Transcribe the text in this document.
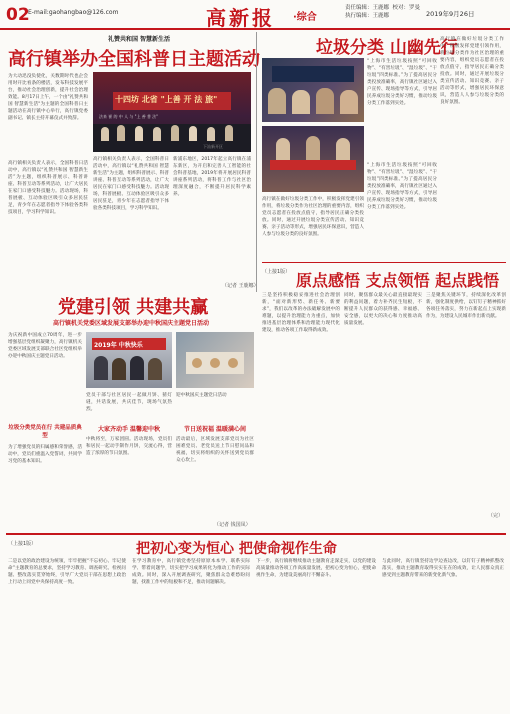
02
E-mail:gaohangbao@126.com	高新报 ·综合
责任编辑：王鹿娜 校对：罗曼
执行编辑：王鹿娜	2019年9月26日
礼赞共和国 智慧新生活
高行镇举办全国科普日主题活动
为大动迅没负使化，关数期时代也企会用时开比看条的楼活，发布科技发展平台，推动社会治理创新，提升社会治理效能。8月17日上午，一个由"礼赞共和国 智慧新生活"为主题的全国科普日主题活动在高行镇中心举行，高行镇党委副书记、镇长主持开幕仪式并致辞。
高行镇相关负责人表示，全国科普日活动中，高行镇以“礼赞共和国 智慧新生活”为主题，组织科普展示、科普讲座、科普互动等系列活动，让广大居民在家门口感受科技魅力。活动现场，科普展板、互动体验区吸引众多居民驻足，青少年在志愿者指导下体验各类科技项目，学习科学知识。
十四坊 北省 "上善 开 法 旅"
法来 崔 的 中 人 与 "上 善 普 法"
下汕新开区
高行镇相关负责人表示，全国科普日活动中，高行镇以“礼赞共和国 智慧新生活”为主题，组织科普展示、科普讲座、科普互动等系列活动，让广大居民在家门口感受科技魅力。活动现场，科普展板、互动体验区吸引众多居民驻足，青少年在志愿者指导下体验各类科技项目，学习科学知识。
新浦东地区，2017年起立高行镇在浦东新区，为开启和完善人工智能的社会科普基地，2019年将开展居民科普讲座系列活动，将科普工作与社区治理深度融合，不断提升居民科学素养。
（记者 王鹿娜）
垃圾分类 山幽先行
“上海市生活垃圾按照“可回收物”、“有害垃圾”、“湿垃圾”、“干垃圾”四类标准。”为了提高居民分类投放准确率，高行镇社区通过入户宣传、现场指导等方式，引导居民养成垃圾分类好习惯，推动垃圾分类工作落到实处。
高行镇在做好垃圾分类工作中，积极发挥党建引领作用，将垃圾分类作为社区治理的重要内容，组织党员志愿者在投放点值守，指导居民正确分类投放。同时，通过开展垃圾分类宣传活动、知识竞赛、亲子活动等形式，增强居民环保意识，营造人人参与垃圾分类的良好氛围。
“上海市生活垃圾按照“可回收物”、“有害垃圾”、“湿垃圾”、“干垃圾”四类标准。”为了提高居民分类投放准确率，高行镇社区通过入户宣传、现场指导等方式，引导居民养成垃圾分类好习惯，推动垃圾分类工作落到实处。
高行镇在做好垃圾分类工作中，积极发挥党建引领作用，将垃圾分类作为社区治理的重要内容，组织党员志愿者在投放点值守，指导居民正确分类投放。同时，通过开展垃圾分类宣传活动、知识竞赛、亲子活动等形式，增强居民环保意识，营造人人参与垃圾分类的良好氛围。
（上接1版） 原点感悟 支点领悟 起点践悟
三是坚持积极稳妥推进社会治理创新，“面对新形势、新任务、新要求”，我们以改革的办法破解发展中的难题，以提升治理能力为重点，加快推进基层治理体系和治理能力现代化建设，推动各项工作取得新成效。
同时，聚焦群众最关心最直接最现实的利益问题，着力补齐民生短板，不断提升人民群众的获得感、幸福感、安全感，以更大的决心和力度推动高质量发展。
三是聚焦关键环节，持续深化改革创新，强化制度供给，以钉钉子精神抓好各项任务落实，努力在新起点上实现新作为，为建设人民城市作出新贡献。
（完）
党建引领 共建共赢
高行镇机关党委区域发展支部举办迎中秋国庆主题党日活动
为庆祝新中国成立70周年，进一步增强基层党组织凝聚力，高行镇机关党委区域发展支部联合社区党组织举办迎中秋国庆主题党日活动。
垃圾分类党员在行 共建品质典型
为了增强党员的归属感和荣誉感，活动中，党员们重温入党誓词，共同学习党的基本知识。
2019年 中秋快乐
党员干部与社区居民一起做月饼、猜灯谜，共话发展，共庆佳节，现场气氛热烈。
大家齐动手 温馨迎中秋
中秋将至，万家团圆。活动现场，党员们和居民一起动手制作月饼，交流心得，营造了浓厚的节日氛围。
迎中秋国庆主题党日活动
节日送祝福 温暖满心间
活动最后，区域发展支部党员为社区困难党员、老党员送上节日慰问品和祝福，切实将组织的关怀送到党员群众心坎上。
（记者 钱国凤）
（上接1版）	把初心变为恒心 把使命视作生命
二是以党的政治建设为统领，牢牢把握“不忘初心、牢记使命”主题教育的总要求，坚持学习教育、调查研究、检视问题、整改落实贯穿始终，引导广大党员干部在思想上政治上行动上同党中央保持高度一致。
在学习教育中，高行镇党委坚持原原本本学、联系实际学、带着问题学，切实把学习成果转化为推动工作的实际成效。同时，深入开展调查研究，聚焦群众急难愁盼问题，找准工作中的短板和不足，推动问题解决。
下一步，高行镇将继续推动主题教育走深走实，以党的建设高质量推动各项工作高质量发展，把初心变为恒心，把使命视作生命，为建设美丽高行不懈奋斗。
与此同时，高行镇坚持边学边查边改，以钉钉子精神抓整改落实，推动主题教育取得实实在在的成效，让人民群众真正感受到主题教育带来的新变化新气象。
